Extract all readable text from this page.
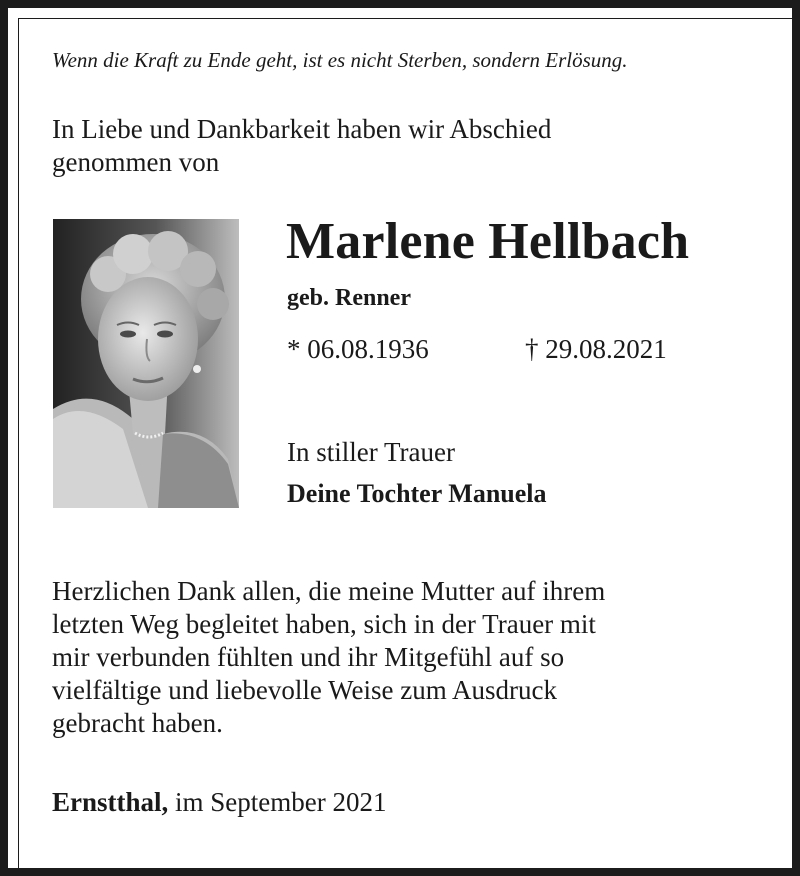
Wenn die Kraft zu Ende geht, ist es nicht Sterben, sondern Erlösung.
In Liebe und Dankbarkeit haben wir Abschied
genommen von
Marlene Hellbach
geb. Renner
* 06.08.1936	† 29.08.2021
In stiller Trauer
Deine Tochter Manuela
Herzlichen Dank allen, die meine Mutter auf ihrem
letzten Weg begleitet haben, sich in der Trauer mit
mir verbunden fühlten und ihr Mitgefühl auf so
vielfältige und liebevolle Weise zum Ausdruck
gebracht haben.
Ernstthal, im September 2021
